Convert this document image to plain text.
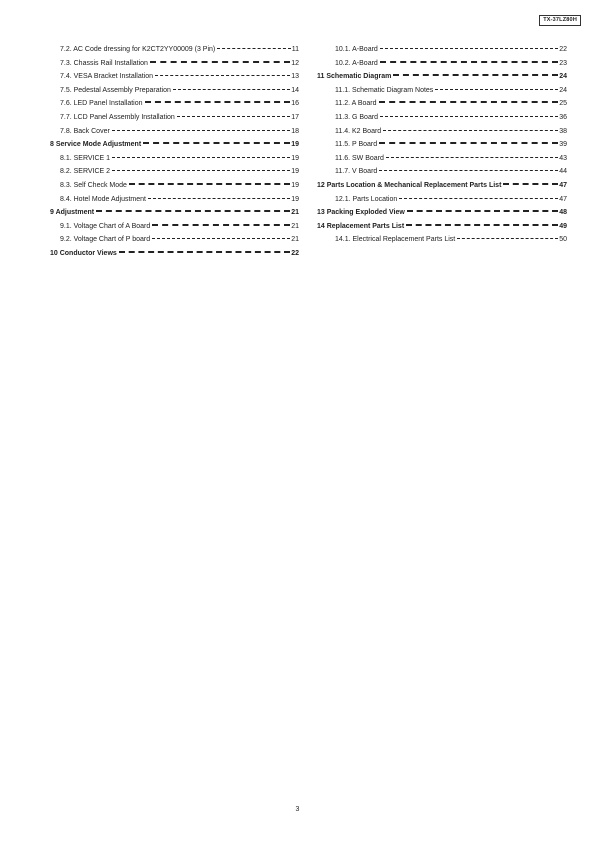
TX-37LZ80H
7.2. AC Code dressing for K2CT2YY00009 (3 Pin)	11
7.3. Chassis Rail Installation	12
7.4. VESA Bracket Installation	13
7.5. Pedestal Assembly Preparation	14
7.6. LED Panel Installation	16
7.7. LCD Panel Assembly Installation	17
7.8. Back Cover	18
8 Service Mode Adjustment	19
8.1. SERVICE 1	19
8.2. SERVICE 2	19
8.3. Self Check Mode	19
8.4. Hotel Mode Adjustment	19
9 Adjustment	21
9.1. Voltage Chart of A Board	21
9.2. Voltage Chart of P board	21
10 Conductor Views	22
10.1. A-Board	22
10.2. A-Board	23
11 Schematic Diagram	24
11.1. Schematic Diagram Notes	24
11.2. A Board	25
11.3. G Board	36
11.4. K2 Board	38
11.5. P Board	39
11.6. SW Board	43
11.7. V Board	44
12 Parts Location & Mechanical Replacement Parts List	47
12.1. Parts Location	47
13 Packing Exploded View	48
14 Replacement Parts List	49
14.1. Electrical Replacement Parts List	50
3
